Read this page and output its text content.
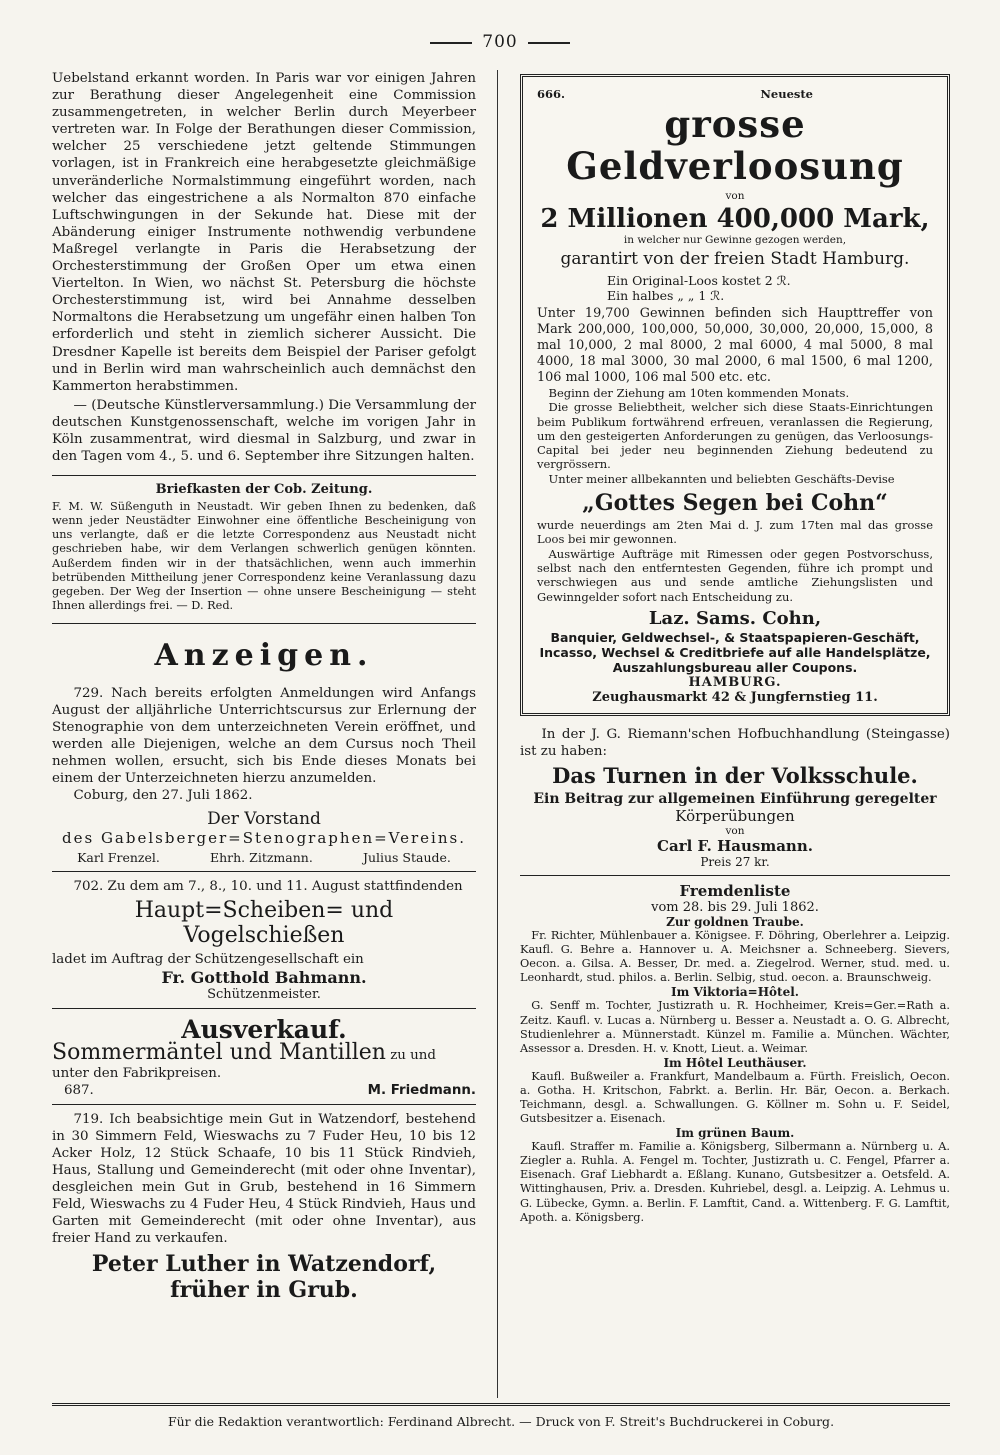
700

Uebelstand erkannt worden. In Paris war vor einigen Jahren zur Berathung dieser Angelegenheit eine Commission zusammengetreten, in welcher Berlin durch Meyerbeer vertreten war. In Folge der Berathungen dieser Commission, welcher 25 verschiedene jetzt geltende Stimmungen vorlagen, ist in Frankreich eine herabgesetzte gleichmäßige unveränderliche Normalstimmung eingeführt worden, nach welcher das eingestrichene a als Normalton 870 einfache Luftschwingungen in der Sekunde hat. Diese mit der Abänderung einiger Instrumente nothwendig verbundene Maßregel verlangte in Paris die Herabsetzung der Orchesterstimmung der Großen Oper um etwa einen Viertelton. In Wien, wo nächst St. Petersburg die höchste Orchesterstimmung ist, wird bei Annahme desselben Normaltons die Herabsetzung um ungefähr einen halben Ton erforderlich und steht in ziemlich sicherer Aussicht. Die Dresdner Kapelle ist bereits dem Beispiel der Pariser gefolgt und in Berlin wird man wahrscheinlich auch demnächst den Kammerton herabstimmen.

— (Deutsche Künstlerversammlung.) Die Versammlung der deutschen Kunstgenossenschaft, welche im vorigen Jahr in Köln zusammentrat, wird diesmal in Salzburg, und zwar in den Tagen vom 4., 5. und 6. September ihre Sitzungen halten.

Briefkasten der Cob. Zeitung.

F. M. W. Süßenguth in Neustadt. Wir geben Ihnen zu bedenken, daß wenn jeder Neustädter Einwohner eine öffentliche Bescheinigung von uns verlangte, daß er die letzte Correspondenz aus Neustadt nicht geschrieben habe, wir dem Verlangen schwerlich genügen könnten. Außerdem finden wir in der thatsächlichen, wenn auch immerhin betrübenden Mittheilung jener Correspondenz keine Veranlassung dazu gegeben. Der Weg der Insertion — ohne unsere Bescheinigung — steht Ihnen allerdings frei. — D. Red.

Anzeigen.

729. Nach bereits erfolgten Anmeldungen wird Anfangs August der alljährliche Unterrichtscursus zur Erlernung der Stenographie von dem unterzeichneten Verein eröffnet, und werden alle Diejenigen, welche an dem Cursus noch Theil nehmen wollen, ersucht, sich bis Ende dieses Monats bei einem der Unterzeichneten hierzu anzumelden.

Coburg, den 27. Juli 1862.

Der Vorstand

des Gabelsberger=Stenographen=Vereins.

Karl Frenzel.	Ehrh. Zitzmann.	Julius Staude.

702. Zu dem am 7., 8., 10. und 11. August stattfindenden

Haupt=Scheiben= und Vogelschießen

ladet im Auftrag der Schützengesellschaft ein

Fr. Gotthold Bahmann.

Schützenmeister.

Ausverkauf.

Sommermäntel und Mantillen zu und unter den Fabrikpreisen.

687.	M. Friedmann.

719. Ich beabsichtige mein Gut in Watzendorf, bestehend in 30 Simmern Feld, Wieswachs zu 7 Fuder Heu, 10 bis 12 Acker Holz, 12 Stück Schaafe, 10 bis 11 Stück Rindvieh, Haus, Stallung und Gemeinderecht (mit oder ohne Inventar), desgleichen mein Gut in Grub, bestehend in 16 Simmern Feld, Wieswachs zu 4 Fuder Heu, 4 Stück Rindvieh, Haus und Garten mit Gemeinderecht (mit oder ohne Inventar), aus freier Hand zu verkaufen.

Peter Luther in Watzendorf,

früher in Grub.

666.	Neueste
grosse Geldverloosung
von
2 Millionen 400,000 Mark,
in welcher nur Gewinne gezogen werden,
garantirt von der freien Stadt Hamburg.
Ein Original-Loos kostet 2 ℛ.
Ein halbes „ „ 1 ℛ.
Unter 19,700 Gewinnen befinden sich Haupttreffer von Mark 200,000, 100,000, 50,000, 30,000, 20,000, 15,000, 8 mal 10,000, 2 mal 8000, 2 mal 6000, 4 mal 5000, 8 mal 4000, 18 mal 3000, 30 mal 2000, 6 mal 1500, 6 mal 1200, 106 mal 1000, 106 mal 500 etc. etc.
Beginn der Ziehung am 10ten kommenden Monats.
Die grosse Beliebtheit, welcher sich diese Staats-Einrichtungen beim Publikum fortwährend erfreuen, veranlassen die Regierung, um den gesteigerten Anforderungen zu genügen, das Verloosungs-Capital bei jeder neu beginnenden Ziehung bedeutend zu vergrössern.
Unter meiner allbekannten und beliebten Geschäfts-Devise
„Gottes Segen bei Cohn“
wurde neuerdings am 2ten Mai d. J. zum 17ten mal das grosse Loos bei mir gewonnen.
Auswärtige Aufträge mit Rimessen oder gegen Postvorschuss, selbst nach den entferntesten Gegenden, führe ich prompt und verschwiegen aus und sende amtliche Ziehungslisten und Gewinngelder sofort nach Entscheidung zu.
Laz. Sams. Cohn,
Banquier, Geldwechsel-, & Staatspapieren-Geschäft, Incasso, Wechsel & Creditbriefe auf alle Handelsplätze, Auszahlungsbureau aller Coupons.
HAMBURG.
Zeughausmarkt 42 & Jungfernstieg 11.

In der J. G. Riemann'schen Hofbuchhandlung (Steingasse) ist zu haben:

Das Turnen in der Volksschule.

Ein Beitrag zur allgemeinen Einführung geregelter

Körperübungen

von

Carl F. Hausmann.

Preis 27 kr.

Fremdenliste

vom 28. bis 29. Juli 1862.

Zur goldnen Traube.

Fr. Richter, Mühlenbauer a. Königsee. F. Döhring, Oberlehrer a. Leipzig. Kaufl. G. Behre a. Hannover u. A. Meichsner a. Schneeberg. Sievers, Oecon. a. Gilsa. A. Besser, Dr. med. a. Ziegelrod. Werner, stud. med. u. Leonhardt, stud. philos. a. Berlin. Selbig, stud. oecon. a. Braunschweig.

Im Viktoria=Hôtel.

G. Senff m. Tochter, Justizrath u. R. Hochheimer, Kreis=Ger.=Rath a. Zeitz. Kaufl. v. Lucas a. Nürnberg u. Besser a. Neustadt a. O. G. Albrecht, Studienlehrer a. Münnerstadt. Künzel m. Familie a. München. Wächter, Assessor a. Dresden. H. v. Knott, Lieut. a. Weimar.

Im Hôtel Leuthäuser.

Kaufl. Bußweiler a. Frankfurt, Mandelbaum a. Fürth. Freislich, Oecon. a. Gotha. H. Kritschon, Fabrkt. a. Berlin. Hr. Bär, Oecon. a. Berkach. Teichmann, desgl. a. Schwallungen. G. Köllner m. Sohn u. F. Seidel, Gutsbesitzer a. Eisenach.

Im grünen Baum.

Kaufl. Straffer m. Familie a. Königsberg, Silbermann a. Nürnberg u. A. Ziegler a. Ruhla. A. Fengel m. Tochter, Justizrath u. C. Fengel, Pfarrer a. Eisenach. Graf Liebhardt a. Eßlang. Kunano, Gutsbesitzer a. Oetsfeld. A. Wittinghausen, Priv. a. Dresden. Kuhriebel, desgl. a. Leipzig. A. Lehmus u. G. Lübecke, Gymn. a. Berlin. F. Lamftit, Cand. a. Wittenberg. F. G. Lamftit, Apoth. a. Königsberg.

Für die Redaktion verantwortlich: Ferdinand Albrecht. — Druck von F. Streit's Buchdruckerei in Coburg.
